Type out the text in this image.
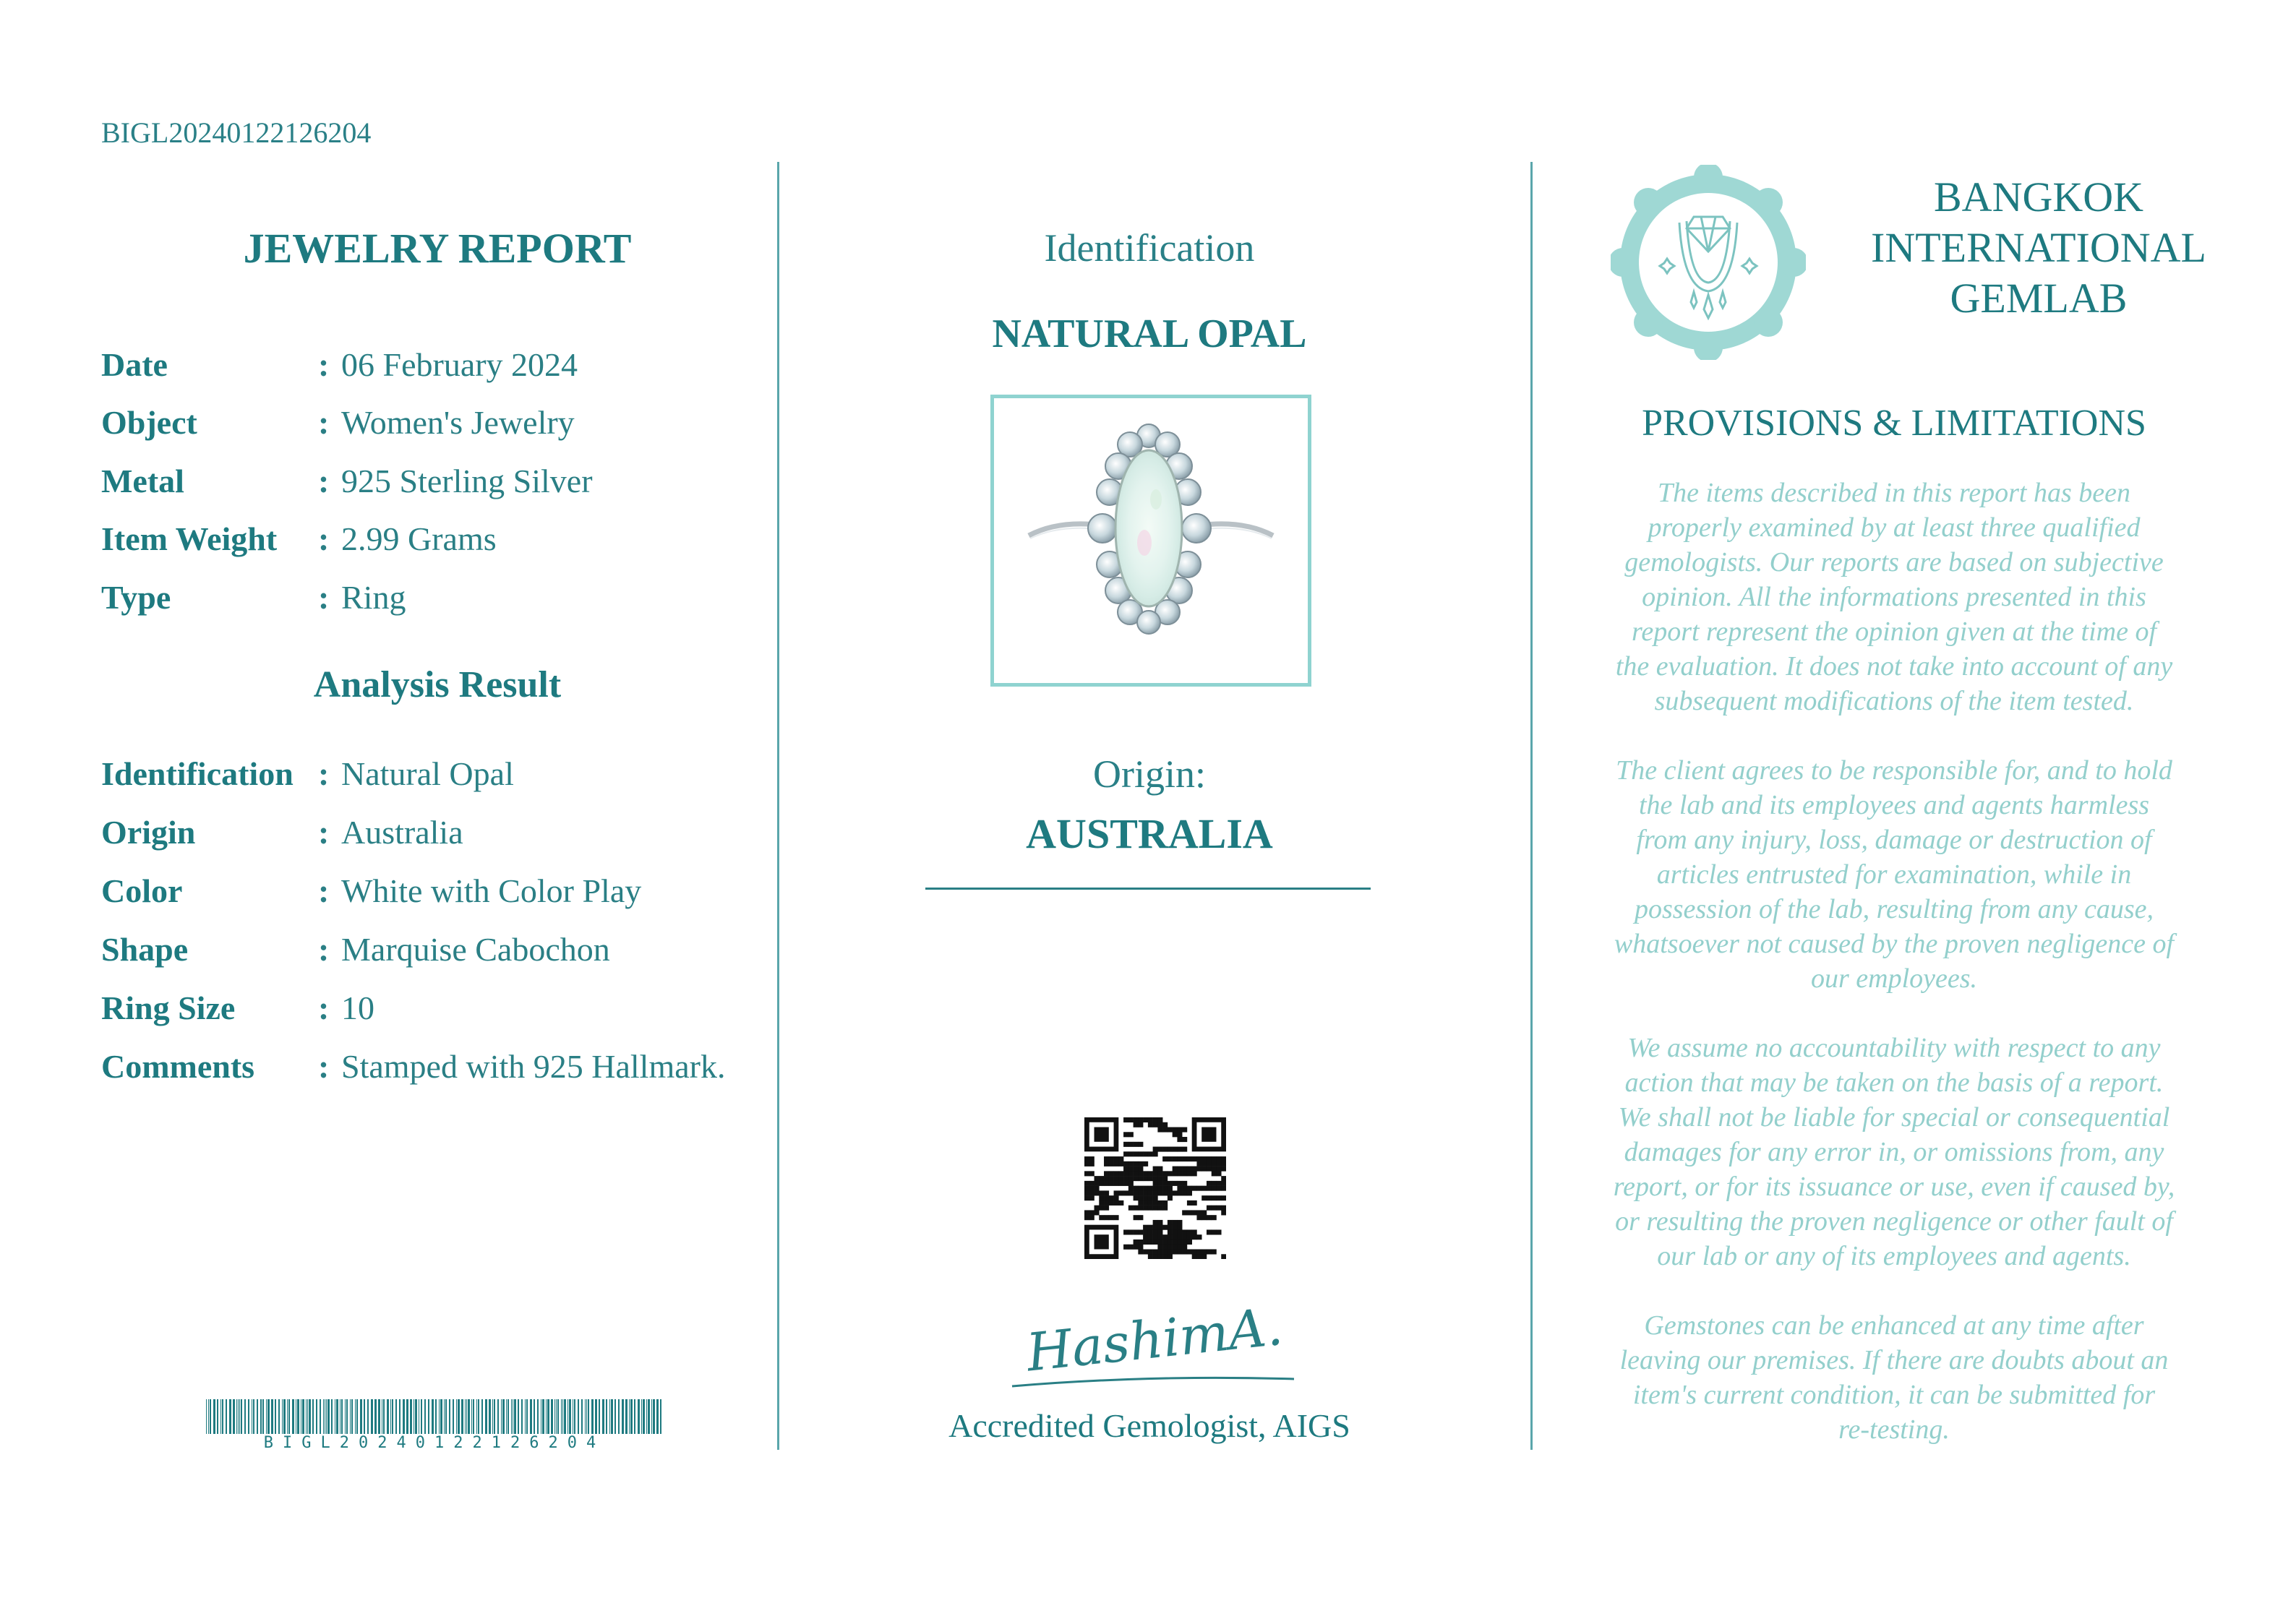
BIGL20240122126204
JEWELRY REPORT
Date	: 06 February 2024
Object	: Women's Jewelry
Metal	: 925 Sterling Silver
Item Weight : 2.99 Grams
Type	: Ring
Analysis Result
Identification : Natural Opal
Origin	: Australia
Color	: White with Color Play
Shape	: Marquise Cabochon
Ring Size : 10
Comments : Stamped with 925 Hallmark.
BIGL20240122126204
Identification
NATURAL OPAL
Origin:
AUSTRALIA
HashimA.
Accredited Gemologist, AIGS
BANGKOK
INTERNATIONAL
GEMLAB
PROVISIONS & LIMITATIONS
The items described in this report has been
properly examined by at least three qualified
gemologists. Our reports are based on subjective
opinion. All the informations presented in this
report represent the opinion given at the time of
the evaluation. It does not take into account of any
subsequent modifications of the item tested.
The client agrees to be responsible for, and to hold
the lab and its employees and agents harmless
from any injury, loss, damage or destruction of
articles entrusted for examination, while in
possession of the lab, resulting from any cause,
whatsoever not caused by the proven negligence of
our employees.
We assume no accountability with respect to any
action that may be taken on the basis of a report.
We shall not be liable for special or consequential
damages for any error in, or omissions from, any
report, or for its issuance or use, even if caused by,
or resulting the proven negligence or other fault of
our lab or any of its employees and agents.
Gemstones can be enhanced at any time after
leaving our premises. If there are doubts about an
item's current condition, it can be submitted for
re-testing.
